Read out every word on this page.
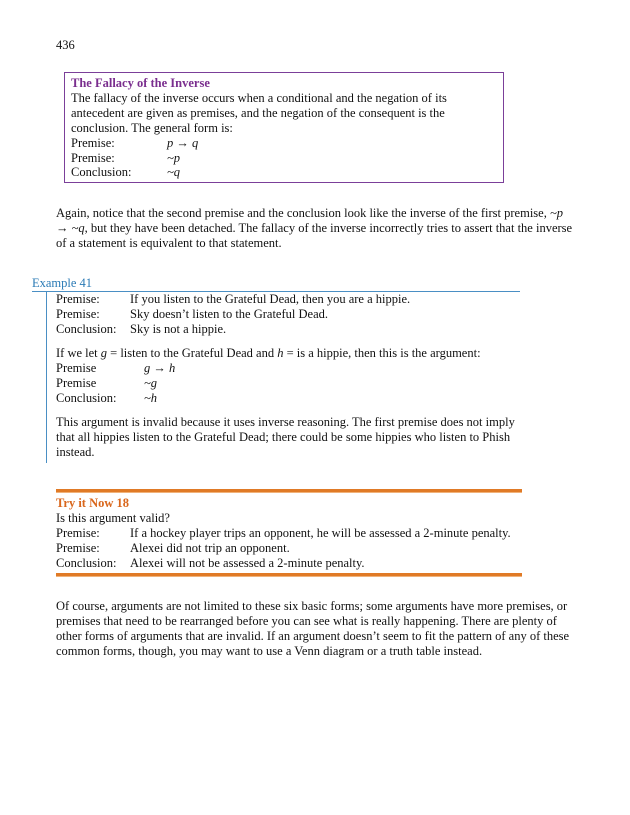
436
The Fallacy of the Inverse

The fallacy of the inverse occurs when a conditional and the negation of its antecedent are given as premises, and the negation of the consequent is the conclusion. The general form is:

Premise:	p → q
Premise:	~p
Conclusion:	~q

Again, notice that the second premise and the conclusion look like the inverse of the first premise, ~p → ~q, but they have been detached. The fallacy of the inverse incorrectly tries to assert that the inverse of a statement is equivalent to that statement.

Example 41
Premise:	If you listen to the Grateful Dead, then you are a hippie.
Premise:	Sky doesn’t listen to the Grateful Dead.
Conclusion:	Sky is not a hippie.

If we let g = listen to the Grateful Dead and h = is a hippie, then this is the argument:

Premise	g → h
Premise	~g
Conclusion:	~h

This argument is invalid because it uses inverse reasoning. The first premise does not imply that all hippies listen to the Grateful Dead; there could be some hippies who listen to Phish instead.

Try it Now 18

Is this argument valid?

Premise:	If a hockey player trips an opponent, he will be assessed a 2-minute penalty.
Premise:	Alexei did not trip an opponent.
Conclusion:	Alexei will not be assessed a 2-minute penalty.

Of course, arguments are not limited to these six basic forms; some arguments have more premises, or premises that need to be rearranged before you can see what is really happening. There are plenty of other forms of arguments that are invalid. If an argument doesn’t seem to fit the pattern of any of these common forms, though, you may want to use a Venn diagram or a truth table instead.
